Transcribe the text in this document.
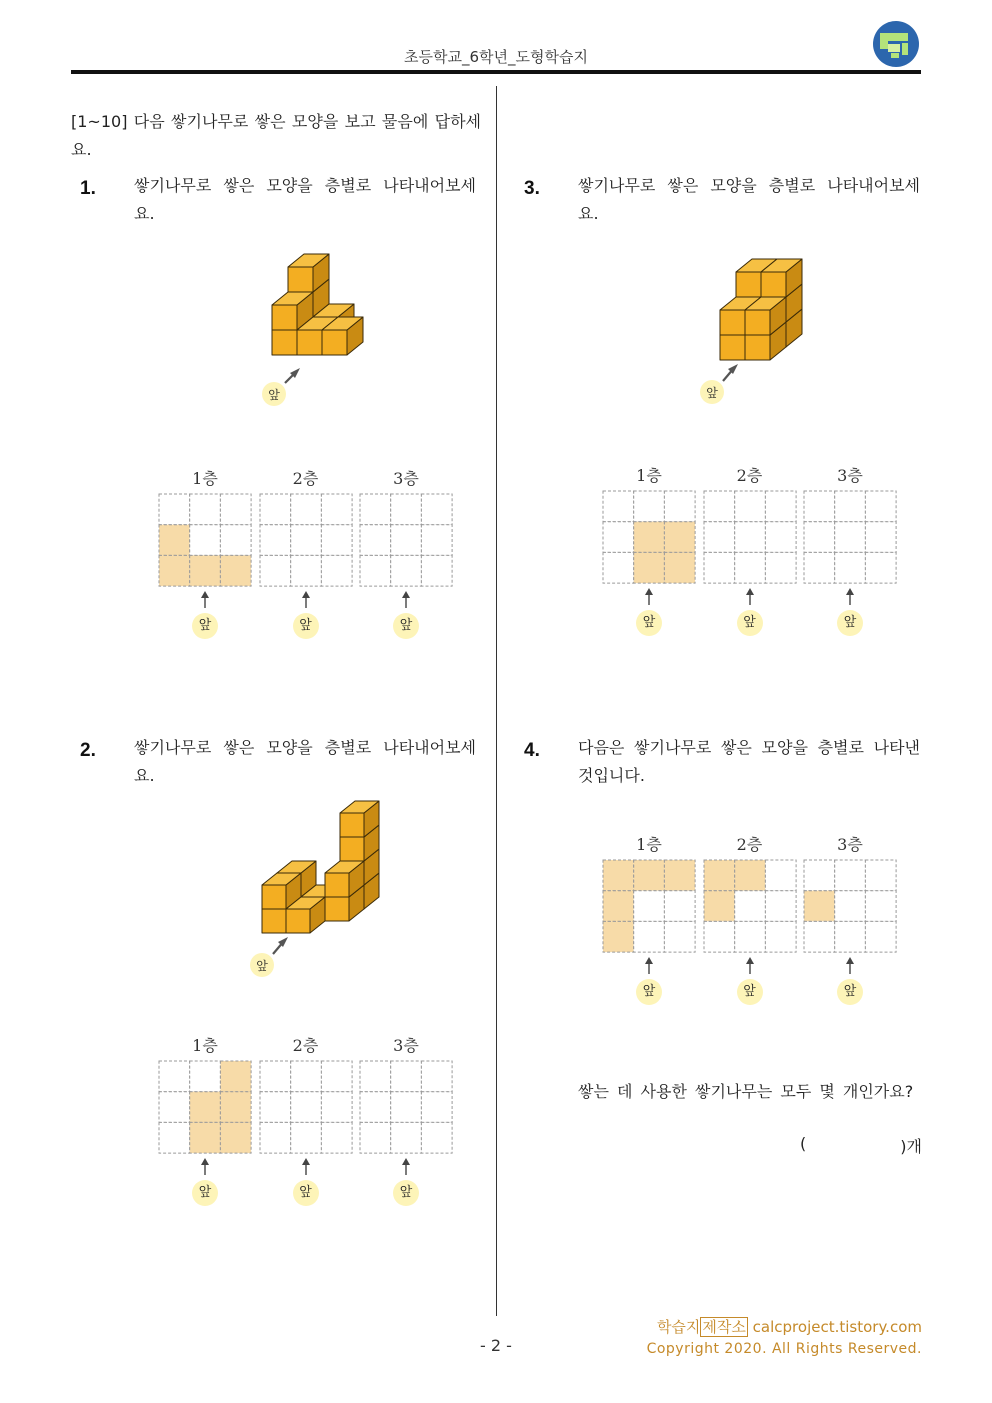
초등학교_6학년_도형학습지
[1~10] 다음 쌓기나무로 쌓은 모양을 보고 물음에 답하세요.
1. 쌓기나무로 쌓은 모양을 층별로 나타내어보세요.
앞
2. 쌓기나무로 쌓은 모양을 층별로 나타내어보세요.
앞
3. 쌓기나무로 쌓은 모양을 층별로 나타내어보세요.
앞
4. 다음은 쌓기나무로 쌓은 모양을 층별로 나타낸 것입니다.
쌓는 데 사용한 쌓기나무는 모두 몇 개인가요?
(	)개
1층
앞
2층
앞
3층
앞
1층
앞
2층
앞
3층
앞
1층
앞
2층
앞
3층
앞
1층
앞
2층
앞
3층
앞
학습지 제작소 calcproject.tistory.com
Copyright 2020. All Rights Reserved.
- 2 -
